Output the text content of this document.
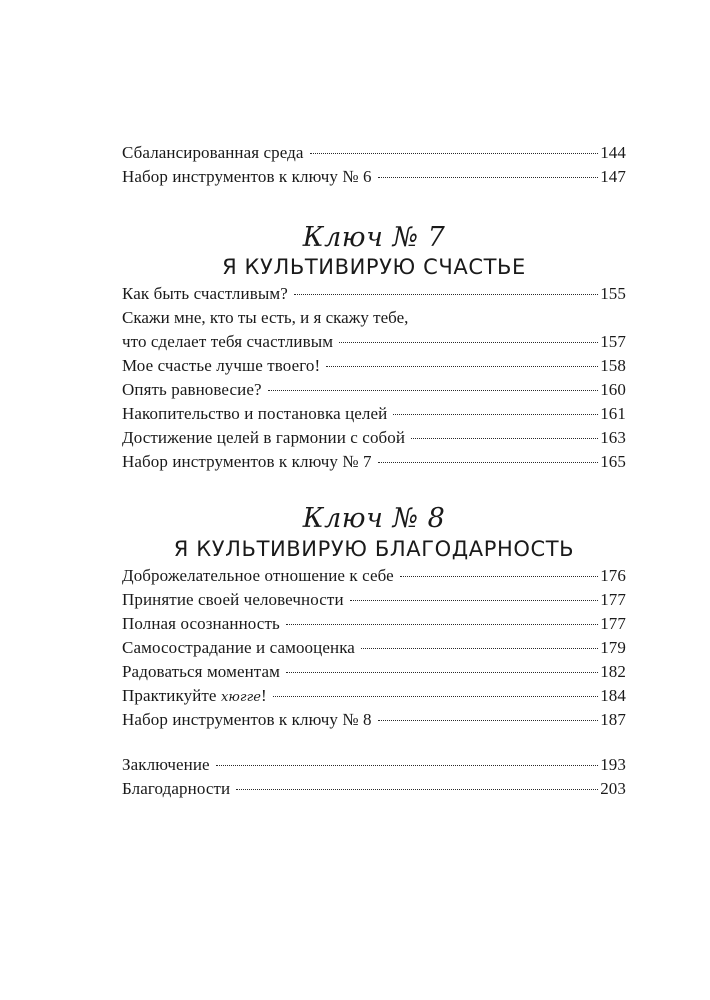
Сбалансированная среда	144
Набор инструментов к ключу № 6	147
Ключ № 7
Я КУЛЬТИВИРУЮ СЧАСТЬЕ
Как быть счастливым?	155
Скажи мне, кто ты есть, и я скажу тебе,
что сделает тебя счастливым	157
Мое счастье лучше твоего!	158
Опять равновесие?	160
Накопительство и постановка целей	161
Достижение целей в гармонии с собой	163
Набор инструментов к ключу № 7	165
Ключ № 8
Я КУЛЬТИВИРУЮ БЛАГОДАРНОСТЬ
Доброжелательное отношение к себе	176
Принятие своей человечности	177
Полная осознанность	177
Самосострадание и самооценка	179
Радоваться моментам	182
Практикуйте хюгге!	184
Набор инструментов к ключу № 8	187
Заключение	193
Благодарности	203
